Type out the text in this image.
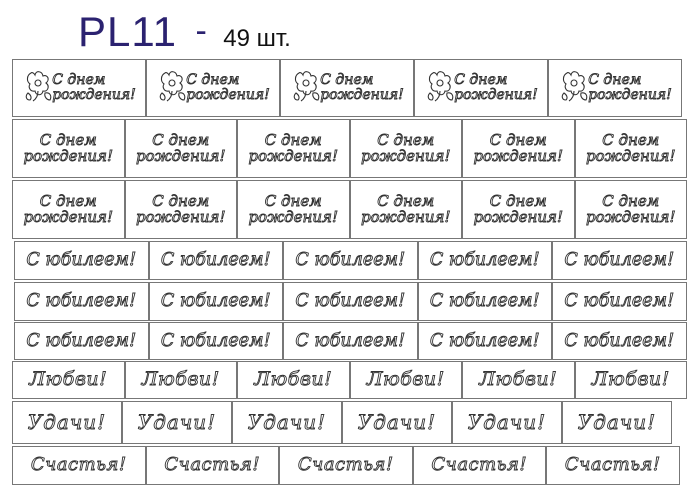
PL11 - 49 шт.
С днем
рождения!
С днем
рождения!
С днем
рождения!
С днем
рождения!
С днем
рождения!
С днем
рождения!
С днем
рождения!
С днем
рождения!
С днем
рождения!
С днем
рождения!
С днем
рождения!
С днем
рождения!
С днем
рождения!
С днем
рождения!
С днем
рождения!
С днем
рождения!
С днем
рождения!
С юбилеем! С юбилеем! С юбилеем! С юбилеем! С юбилеем!
С юбилеем! С юбилеем! С юбилеем! С юбилеем! С юбилеем!
С юбилеем! С юбилеем! С юбилеем! С юбилеем! С юбилеем!
Любви! Любви! Любви! Любви! Любви! Любви!
Удачи! Удачи! Удачи! Удачи! Удачи! Удачи!
Счастья! Счастья! Счастья! Счастья! Счастья!
